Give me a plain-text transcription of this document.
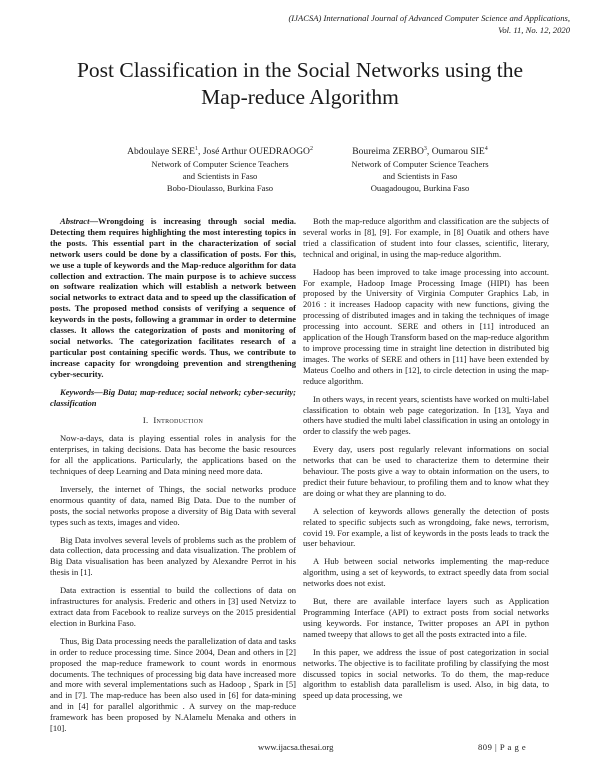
(IJACSA) International Journal of Advanced Computer Science and Applications,
Vol. 11, No. 12, 2020
Post Classification in the Social Networks using the
Map-reduce Algorithm
Abdoulaye SERE$^1$, José Arthur OUEDRAOGO$^2$
Network of Computer Science Teachers
and Scientists in Faso
Bobo-Dioulasso, Burkina Faso
Boureima ZERBO$^3$, Oumarou SIE$^4$
Network of Computer Science Teachers
and Scientists in Faso
Ouagadougou, Burkina Faso

Abstract—Wrongdoing is increasing through social media. Detecting them requires highlighting the most interesting topics in the posts. This essential part in the characterization of social network users could be done by a classification of posts. For this, we use a tuple of keywords and the Map-reduce algorithm for data collection and extraction. The main purpose is to achieve success on software realization which will establish a network between social networks to extract data and to speed up the classification of posts. The proposed method consists of verifying a sequence of keywords in the posts, following a grammar in order to determine classes. It allows the categorization of posts and monitoring of social networks. The categorization facilitates research of a particular post containing specific words. Thus, we contribute to increase capacity for wrongdoing prevention and strengthening cyber-security.

Keywords—Big Data; map-reduce; social network; cyber-security; classification

I. Introduction

Now-a-days, data is playing essential roles in analysis for the enterprises, in taking decisions. Data has become the basic resources for all the applications. Particularly, the applications based on the techniques of deep Learning and Data mining need more data.

Inversely, the internet of Things, the social networks produce enormous quantity of data, named Big Data. Due to the number of posts, the social networks propose a diversity of Big Data with several types such as texts, images and video.

Big Data involves several levels of problems such as the problem of data collection, data processing and data visualization. The problem of Big Data visualisation has been analyzed by Alexandre Perrot in his thesis in [1].

Data extraction is essential to build the collections of data on infrastructures for analysis. Frederic and others in [3] used Netvizz to extract data from Facebook to realize surveys on the 2015 presidential election in Burkina Faso.

Thus, Big Data processing needs the parallelization of data and tasks in order to reduce processing time. Since 2004, Dean and others in [2] proposed the map-reduce framework to count words in enormous documents. The techniques of processing big data have increased more and more with several implementations such as Hadoop , Spark in [5] and in [7]. The map-reduce has been also used in [6] for data-mining and in [4] for parallel algorithmic . A survey on the map-reduce framework has been proposed by N.Alamelu Menaka and others in [10].

Both the map-reduce algorithm and classification are the subjects of several works in [8], [9]. For example, in [8] Ouatik and others have tried a classification of student into four classes, scientific, literary, technical and original, in using the map-reduce algorithm.

Hadoop has been improved to take image processing into account. For example, Hadoop Image Processing Image (HIPI) has been proposed by the University of Virginia Computer Graphics Lab, in 2016 : it increases Hadoop capacity with new functions, giving the processing of distributed images and in taking the techniques of image processing into account. SERE and others in [11] introduced an application of the Hough Transform based on the map-reduce algorithm to improve processing time in straight line detection in distributed big images. The works of SERE and others in [11] have been extended by Mateus Coelho and others in [12], to circle detection in using the map-reduce algorithm.

In others ways, in recent years, scientists have worked on multi-label classification to obtain web page categorization. In [13], Yaya and others have studied the multi label classification in using an ontology in order to classify the web pages.

Every day, users post regularly relevant informations on social networks that can be used to characterize them to determine their behaviour. The posts give a way to obtain information on the users, to predict their future behaviour, to profiling them and to know what they are doing or what they are planning to do.

A selection of keywords allows generally the detection of posts related to specific subjects such as wrongdoing, fake news, terrorism, covid 19. For example, a list of keywords in the posts leads to track the user behaviour.

A Hub between social networks implementing the map-reduce algorithm, using a set of keywords, to extract speedly data from social networks does not exist.

But, there are available interface layers such as Application Programming Interface (API) to extract posts from social networks using keywords. For instance, Twitter proposes an API in python named tweepy that allows to get all the posts extracted into a file.

In this paper, we address the issue of post categorization in social networks. The objective is to facilitate profiling by classifying the most discussed topics in social networks. To do them, the map-reduce algorithm to establish data parallelism is used. Also, in big data, to speed up data processing, we

www.ijacsa.thesai.org	809 | P a g e
